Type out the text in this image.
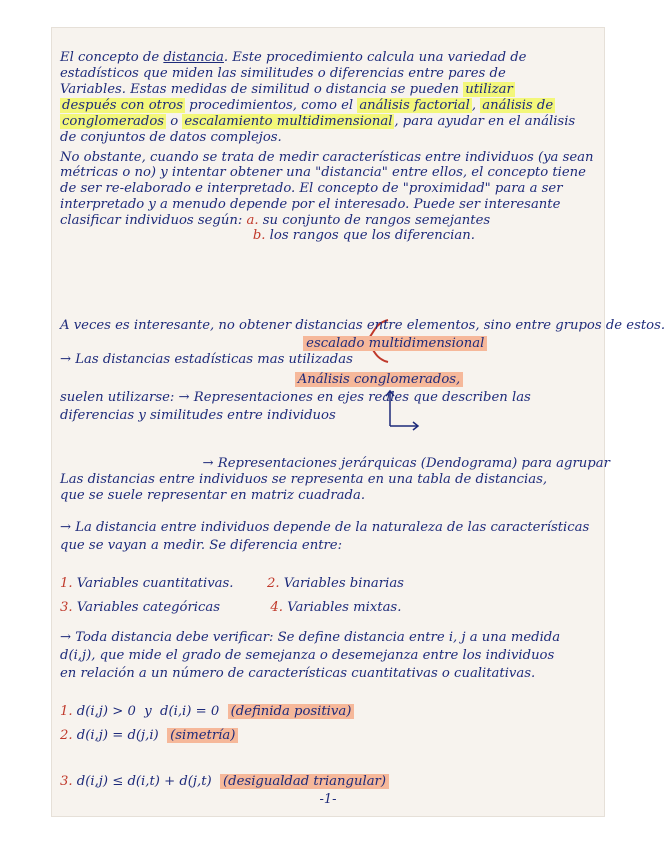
-1-
El concepto de distancia. Este procedimiento calcula una variedad de
estadísticos que miden las similitudes o diferencias entre pares de
Variables. Estas medidas de similitud o distancia se pueden utilizar
después con otros procedimientos, como el análisis factorial , análisis de
conglomerados o escalamiento multidimensional , para ayudar en el análisis
de conjuntos de datos complejos.
No obstante, cuando se trata de medir características entre individuos (ya sean
métricas o no) y intentar obtener una "distancia" entre ellos, el concepto tiene
de ser re-elaborado e interpretado. El concepto de "proximidad" para a ser
interpretado y a menudo depende por el interesado. Puede ser interesante
clasificar individuos según: a. su conjunto de rangos semejantes
b. los rangos que los diferencian.
A veces es interesante, no obtener distancias entre elementos, sino entre grupos de estos.
escalado multidimensional
→ Las distancias estadísticas mas utilizadas
Análisis conglomerados,
suelen utilizarse: → Representaciones en ejes reales que describen las
diferencias y similitudes entre individuos
→ Representaciones jerárquicas (Dendograma) para agrupar
Las distancias entre individuos se representa en una tabla de distancias,
que se suele representar en matriz cuadrada.
→ La distancia entre individuos depende de la naturaleza de las características
que se vayan a medir. Se diferencia entre:
1. Variables cuantitativas.        2. Variables binarias
3. Variables categóricas            4. Variables mixtas.
→ Toda distancia debe verificar: Se define distancia entre i, j a una medida
d(i,j), que mide el grado de semejanza o desemejanza entre los individuos
en relación a un número de características cuantitativas o cualitativas.
1. d(i,j) > 0  y  d(i,i) = 0  (definida positiva)
2. d(i,j) = d(j,i)  (simetría)
3. d(i,j) ≤ d(i,t) + d(j,t)  (desigualdad triangular)
